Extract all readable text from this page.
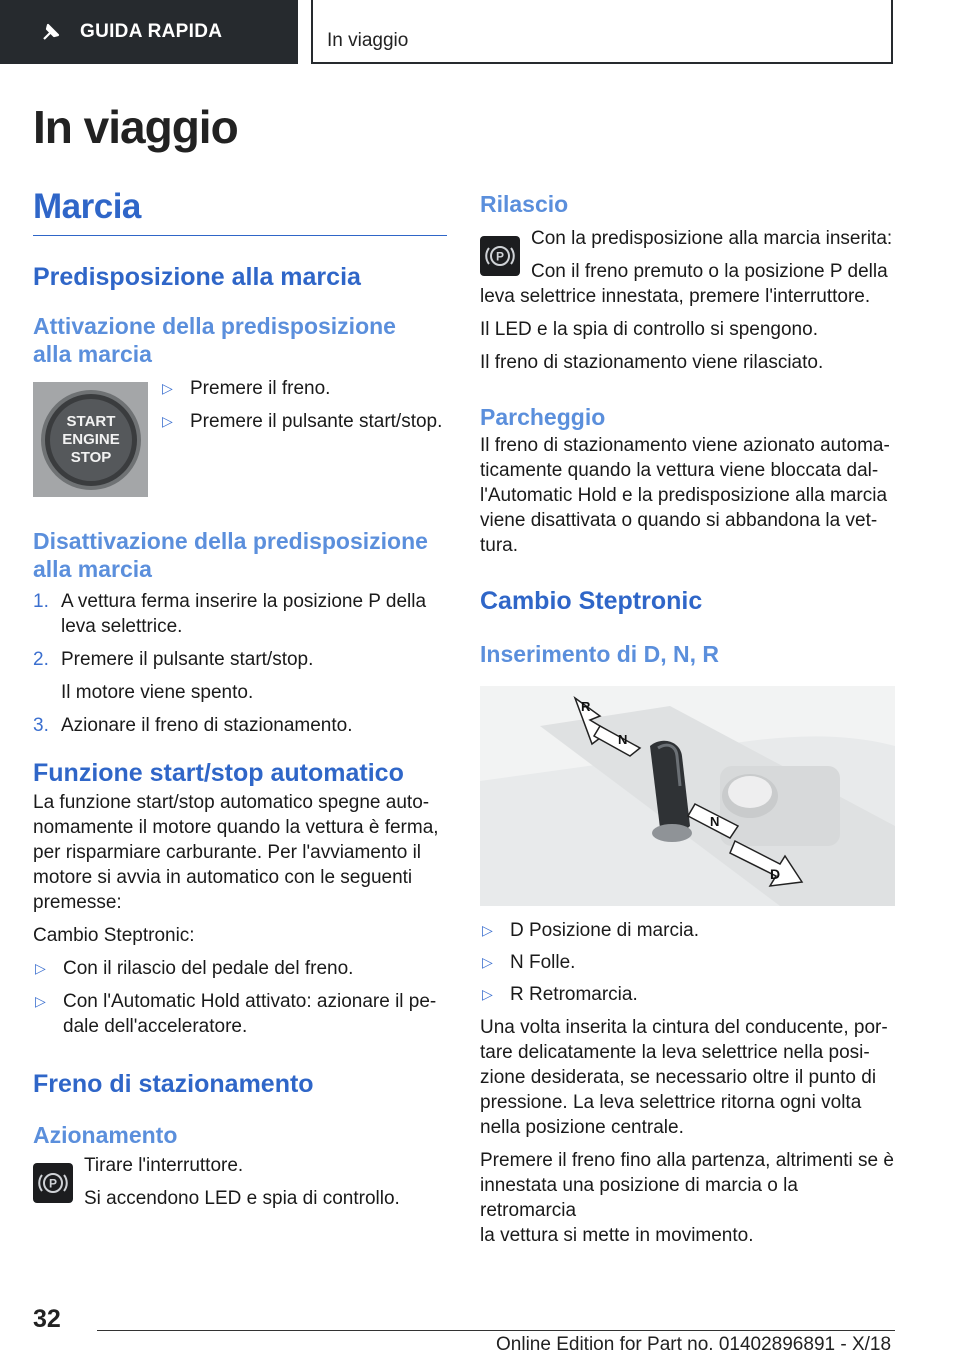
GUIDA RAPIDA	In viaggio
In viaggio
Marcia
Predisposizione alla marcia
Attivazione della predisposizione
alla marcia
START
ENGINE
STOP
▷ Premere il freno.
▷ Premere il pulsante start/stop.
Disattivazione della predisposizione
alla marcia
1. A vettura ferma inserire la posizione P della
leva selettrice.
2. Premere il pulsante start/stop.
Il motore viene spento.
3. Azionare il freno di stazionamento.
Funzione start/stop automatico
La funzione start/stop automatico spegne auto-
nomamente il motore quando la vettura è ferma,
per risparmiare carburante. Per l'avviamento il
motore si avvia in automatico con le seguenti
premesse:
Cambio Steptronic:
▷ Con il rilascio del pedale del freno.
▷ Con l'Automatic Hold attivato: azionare il pe-
dale dell'acceleratore.
Freno di stazionamento
Azionamento
P
Tirare l'interruttore.
Si accendono LED e spia di controllo.
Rilascio
P
Con la predisposizione alla marcia inserita:
Con il freno premuto o la posizione P della
leva selettrice innestata, premere l'interruttore.
Il LED e la spia di controllo si spengono.
Il freno di stazionamento viene rilasciato.
Parcheggio
Il freno di stazionamento viene azionato automa-
ticamente quando la vettura viene bloccata dal-
l'Automatic Hold e la predisposizione alla marcia
viene disattivata o quando si abbandona la vet-
tura.
Cambio Steptronic
Inserimento di D, N, R
R
N
N
D
▷ D Posizione di marcia.
▷ N Folle.
▷ R Retromarcia.
Una volta inserita la cintura del conducente, por-
tare delicatamente la leva selettrice nella posi-
zione desiderata, se necessario oltre il punto di
pressione. La leva selettrice ritorna ogni volta
nella posizione centrale.
Premere il freno fino alla partenza, altrimenti se è
innestata una posizione di marcia o la retromarcia
la vettura si mette in movimento.
32
Online Edition for Part no. 01402896891 - X/18
